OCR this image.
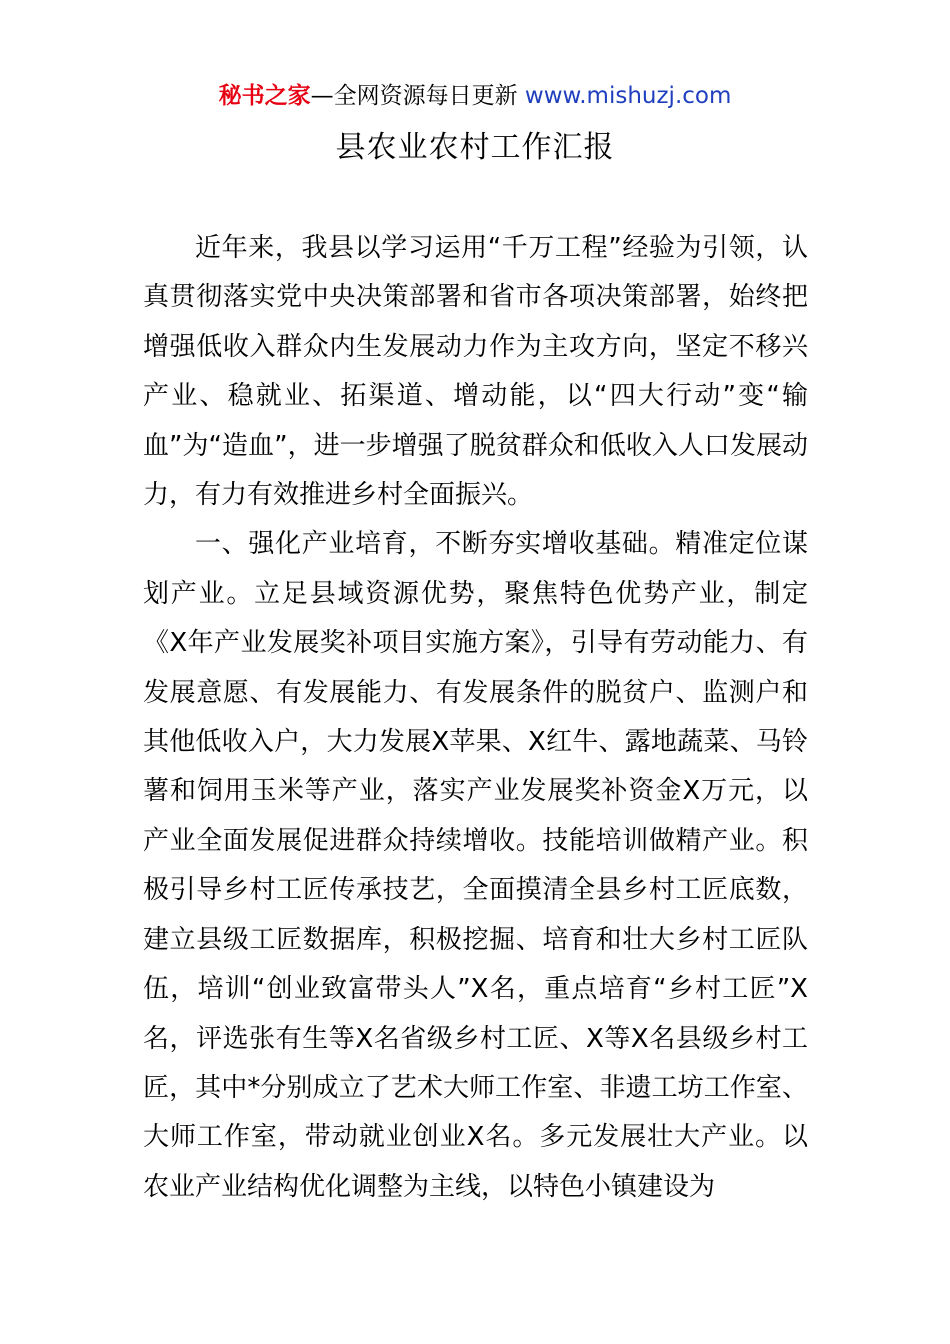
秘书之家—全网资源每日更新 www.mishuzj.com
县农业农村工作汇报

近年来，我县以学习运用“千万工程”经验为引领，认真贯彻落实党中央决策部署和省市各项决策部署，始终把增强低收入群众内生发展动力作为主攻方向，坚定不移兴产业、稳就业、拓渠道、增动能，以“四大行动”变“输血”为“造血”，进一步增强了脱贫群众和低收入人口发展动力，有力有效推进乡村全面振兴。

一、强化产业培育，不断夯实增收基础。精准定位谋划产业。立足县域资源优势，聚焦特色优势产业，制定《X年产业发展奖补项目实施方案》，引导有劳动能力、有发展意愿、有发展能力、有发展条件的脱贫户、监测户和其他低收入户，大力发展X苹果、X红牛、露地蔬菜、马铃薯和饲用玉米等产业，落实产业发展奖补资金X万元，以产业全面发展促进群众持续增收。技能培训做精产业。积极引导乡村工匠传承技艺，全面摸清全县乡村工匠底数，建立县级工匠数据库，积极挖掘、培育和壮大乡村工匠队伍，培训“创业致富带头人”X名，重点培育“乡村工匠”X名，评选张有生等X名省级乡村工匠、X等X名县级乡村工匠，其中*分别成立了艺术大师工作室、非遗工坊工作室、大师工作室，带动就业创业X名。多元发展壮大产业。以农业产业结构优化调整为主线，以特色小镇建设为
